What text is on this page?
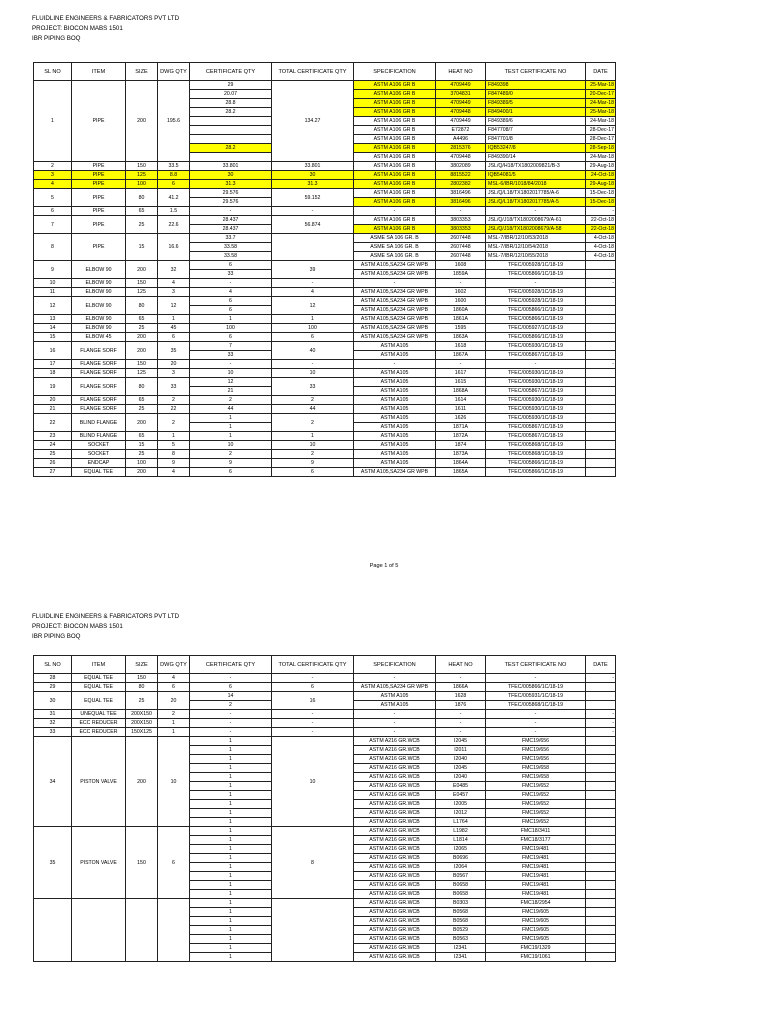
FLUIDLINE ENGINEERS & FABRICATORS PVT LTD
PROJECT: BIOCON MABS 1501
IBR PIPING BOQ
SL NO	ITEM	SIZE	DWG QTY	CERTIFICATE QTY	TOTAL CERTIFICATE QTY	SPECIFICATION	HEAT NO	TEST CERTIFICATE NO	DATE
1	PIPE	200	195.6	29	134.27	ASTM A106 GR B	4709449	F849398	25-Mar-18
				20.07		ASTM A106 GR B	3704831	F847489/0	20-Dec-17
				28.8		ASTM A106 GR B	4709449	F849389/5	24-Mar-18
				28.2		ASTM A106 GR B	4709448	F849400/1	25-Mar-18
						ASTM A106 GR B	4709449	F849389/6	24-Mar-18
						ASTM A106 GR B	E72872	F847708/7	28-Dec-17
						ASTM A106 GR B	A4496	F847701/8	28-Dec-17
				28.2		ASTM A106 GR B	2815376	IQB53247/8	28-Sep-18
						ASTM A106 GR B	4709448	F849390/14	24-Mar-18
2	PIPE	150	33.5	33.801	33.801	ASTM A106 GR B	3802089	JSL/Q/H18/TX1802009821/B-3	29-Aug-18
3	PIPE	125	8.8	30	30	ASTM A106 GR B	8815522	IQB54081/5	24-Oct-18
4	PIPE	100	6	31.3	31.3	ASTM A106 GR B	2802382	MSL-6/IBR/1018/84/2018	29-Aug-18
5	PIPE	80	41.2	29.576	59.152	ASTM A106 GR B	3816496	JSL/Q/L18/TX1802017785/A-6	15-Dec-18
				29.576		ASTM A106 GR B	3816496	JSL/Q/L18/TX1802017785/A-5	15-Dec-18
6	PIPE	65	1.5	-	-	-	-	-	-
7	PIPE	25	22.6	28.437	56.874	ASTM A106 GR B	3803353	JSL/Q/J18/TX1802008679/A-61	22-Oct-18
				28.437		ASTM A106 GR B	3803353	JSL/Q/J18/TX1802008679/A-58	22-Oct-18
8	PIPE	15	16.6	33.7		ASME SA 106 GR. B	2607448	MSL-7/IBR/12/10/53/2018	4-Oct-18
				33.58		ASME SA 106 GR. B	2607448	MSL-7/IBR/12/10/54/2018	4-Oct-18
				33.58		ASME SA 106 GR. B	2607448	MSL-7/IBR/12/10/55/2018	4-Oct-18
9	ELBOW 90	200	32	6	39	ASTM A105,SA234 GR WPB	1608	TFEC/005928/1C/18-19	
				33		ASTM A105,SA234 GR WPB	1859A	TFEC/005866/1C/18-19	
10	ELBOW 90	150	4	-	-	-	-	-	-
11	ELBOW 90	125	3	4	4	ASTM A105,SA234 GR WPB	1602	TFEC/005928/1C/18-19	
12	ELBOW 90	80	12	6	12	ASTM A105,SA234 GR WPB	1600	TFEC/005928/1C/18-19	
				6		ASTM A105,SA234 GR WPB	1860A	TFEC/005866/1C/18-19	
13	ELBOW 90	65	1	1	1	ASTM A105,SA234 GR WPB	1861A	TFEC/005866/1C/18-19	
14	ELBOW 90	25	45	100	100	ASTM A105,SA234 GR WPB	1595	TFEC/005927/1C/18-19	
15	ELBOW 45	200	6	6	6	ASTM A105,SA234 GR WPB	1863A	TFEC/005866/1C/18-19	
16	FLANGE SORF	200	35	7	40	ASTM A105	1618	TFEC/005930/1C/18-19	
				33		ASTM A105	1867A	TFEC/005867/1C/18-19	
17	FLANGE SORF	150	20	-	-	-	-	-	-
18	FLANGE SORF	125	3	10	10	ASTM A105	1617	TFEC/005930/1C/18-19	
19	FLANGE SORF	80	33	12	33	ASTM A105	1615	TFEC/005930/1C/18-19	
				21		ASTM A105	1868A	TFEC/005867/1C/18-19	
20	FLANGE SORF	65	2	2	2	ASTM A105	1614	TFEC/005930/1C/18-19	
21	FLANGE SORF	25	22	44	44	ASTM A105	1611	TFEC/005930/1C/18-19	
22	BLIND FLANGE	200	2	1	2	ASTM A105	1626	TFEC/005930/1C/18-19	
				1		ASTM A105	1871A	TFEC/005867/1C/18-19	
23	BLIND FLANGE	65	1	1	1	ASTM A105	1872A	TFEC/005867/1C/18-19	
24	SOCKET	15	5	10	10	ASTM A105	1874	TFEC/005868/1C/18-19	
25	SOCKET	25	8	2	2	ASTM A105	1873A	TFEC/005868/1C/18-19	
26	ENDCAP	100	9	9	9	ASTM A105	1864A	TFEC/005866/1C/18-19	
27	EQUAL TEE	200	4	6	6	ASTM A105,SA234 GR WPB	1865A	TFEC/005866/1C/18-19	
Page 1 of 5
FLUIDLINE ENGINEERS & FABRICATORS PVT LTD
PROJECT: BIOCON MABS 1501
IBR PIPING BOQ
SL NO	ITEM	SIZE	DWG QTY	CERTIFICATE QTY	TOTAL CERTIFICATE QTY	SPECIFICATION	HEAT NO	TEST CERTIFICATE NO	DATE
28	EQUAL TEE	150	4	-	-	-	-	-	-
29	EQUAL TEE	80	6	6	6	ASTM A105,SA234 GR WPB	1866A	TFEC/005866/1C/18-19	
30	EQUAL TEE	25	20	14	16	ASTM A105	1628	TFEC/005931/1C/18-19	
				2		ASTM A105	1876	TFEC/005868/1C/18-19	
31	UNEQUAL TEE	200X150	2	-	-	-	-	-	-
32	ECC REDUCER	200X150	1	-	-	-	-	-	-
33	ECC REDUCER	150X125	1	-	-	-	-	-	-
34	PISTON VALVE	200	10	1	10	ASTM A216 GR.WCB	I2045	FMC19/656	
				1		ASTM A216 GR.WCB	I2011	FMC19/656	
				1		ASTM A216 GR.WCB	I2040	FMC19/656	
				1		ASTM A216 GR.WCB	I2045	FMC19/658	
				1		ASTM A216 GR.WCB	I2040	FMC19/658	
				1		ASTM A216 GR.WCB	E0485	FMC19/652	
				1		ASTM A216 GR.WCB	E0457	FMC19/652	
				1		ASTM A216 GR.WCB	I2005	FMC19/652	
				1		ASTM A216 GR.WCB	I2012	FMC19/652	
				1		ASTM A216 GR.WCB	L1764	FMC19/652	
35	PISTON VALVE	150	6	1	8	ASTM A216 GR.WCB	L1982	FMC18/3411	
				1		ASTM A216 GR.WCB	L1814	FMC18/3177	
				1		ASTM A216 GR.WCB	I2065	FMC19/481	
				1		ASTM A216 GR.WCB	B0696	FMC19/481	
				1		ASTM A216 GR.WCB	I2064	FMC19/481	
				1		ASTM A216 GR.WCB	B0567	FMC19/481	
				1		ASTM A216 GR.WCB	B0658	FMC19/481	
				1		ASTM A216 GR.WCB	B0658	FMC19/481	
				1		ASTM A216 GR.WCB	B0303	FMC18/2954	
				1		ASTM A216 GR.WCB	B0568	FMC19/605	
				1		ASTM A216 GR.WCB	B0568	FMC19/605	
				1		ASTM A216 GR.WCB	B0529	FMC19/605	
				1		ASTM A216 GR.WCB	B0563	FMC19/605	
				1		ASTM A216 GR.WCB	I2341	FMC19/1329	
				1		ASTM A216 GR.WCB	I2341	FMC19/1061	
